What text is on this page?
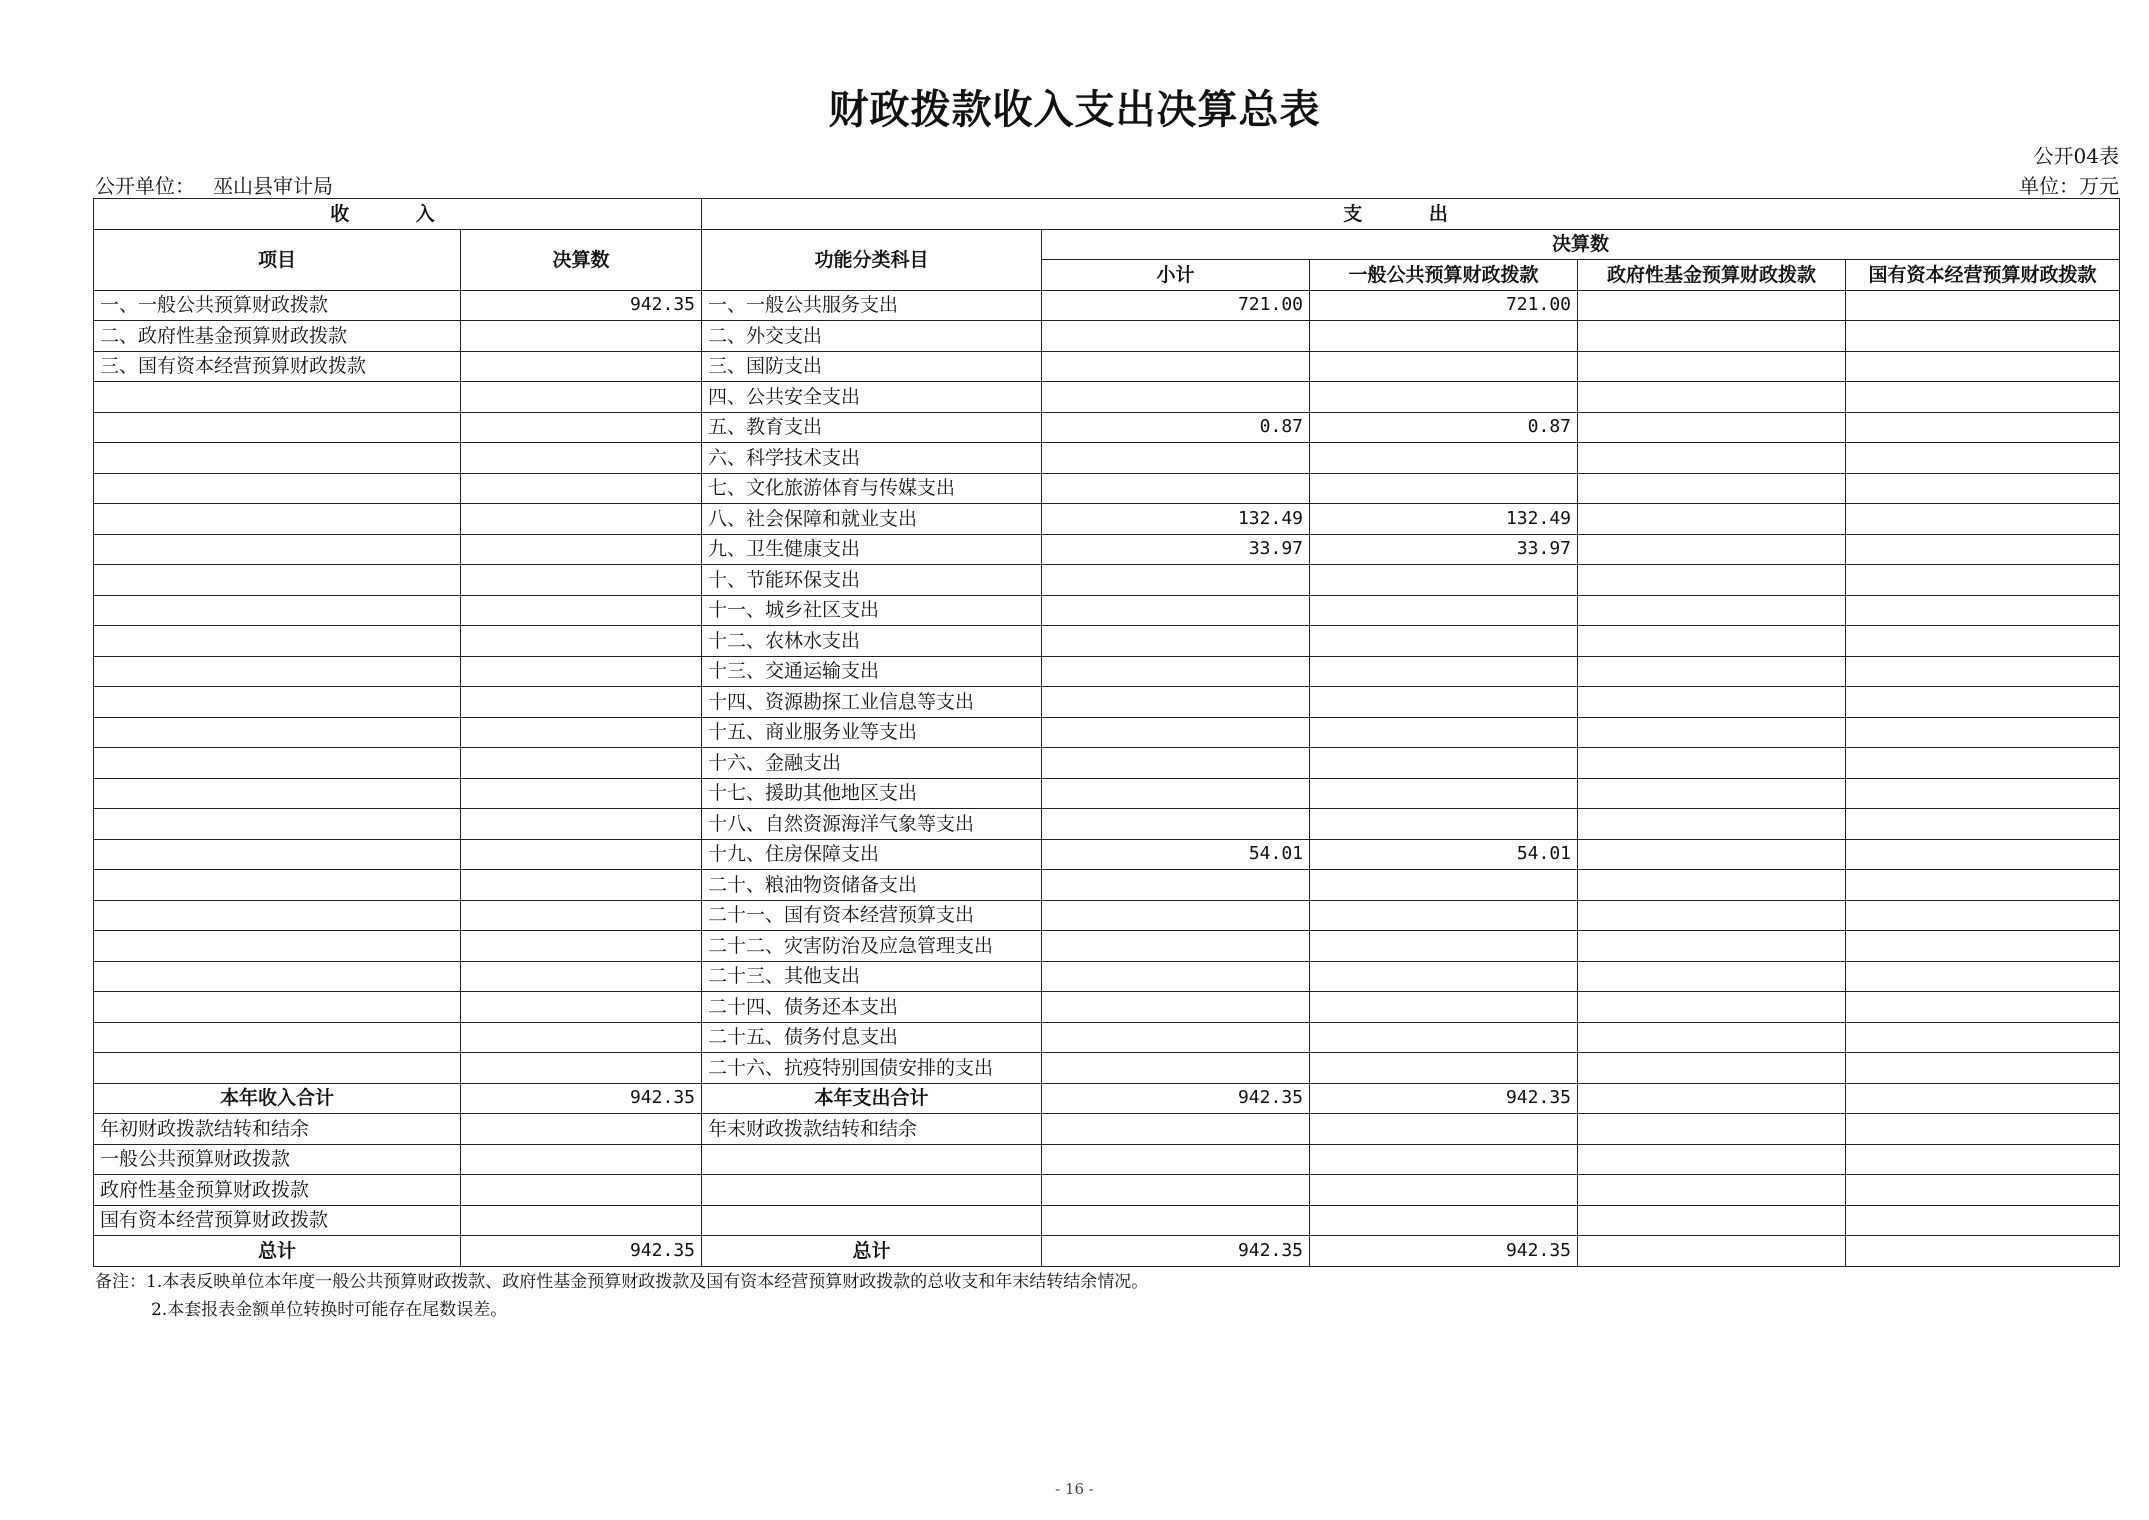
财政拨款收入支出决算总表
公开04表
公开单位： 巫山县审计局	单位：万元
收 入		支 出				
项目	决算数	功能分类科目	决算数			
			小计	一般公共预算财政拨款	政府性基金预算财政拨款	国有资本经营预算财政拨款
一、一般公共预算财政拨款	942.35	一、一般公共服务支出	721.00	721.00		
二、政府性基金预算财政拨款		二、外交支出				
三、国有资本经营预算财政拨款		三、国防支出				
		四、公共安全支出				
		五、教育支出	0.87	0.87		
		六、科学技术支出				
		七、文化旅游体育与传媒支出				
		八、社会保障和就业支出	132.49	132.49		
		九、卫生健康支出	33.97	33.97		
		十、节能环保支出				
		十一、城乡社区支出				
		十二、农林水支出				
		十三、交通运输支出				
		十四、资源勘探工业信息等支出				
		十五、商业服务业等支出				
		十六、金融支出				
		十七、援助其他地区支出				
		十八、自然资源海洋气象等支出				
		十九、住房保障支出	54.01	54.01		
		二十、粮油物资储备支出				
		二十一、国有资本经营预算支出				
		二十二、灾害防治及应急管理支出				
		二十三、其他支出				
		二十四、债务还本支出				
		二十五、债务付息支出				
		二十六、抗疫特别国债安排的支出				
本年收入合计	942.35	本年支出合计	942.35	942.35		
年初财政拨款结转和结余		年末财政拨款结转和结余				
一般公共预算财政拨款						
政府性基金预算财政拨款						
国有资本经营预算财政拨款						
总计	942.35	总计	942.35	942.35		
备注：1.本表反映单位本年度一般公共预算财政拨款、政府性基金预算财政拨款及国有资本经营预算财政拨款的总收支和年末结转结余情况。
2.本套报表金额单位转换时可能存在尾数误差。
- 16 -
